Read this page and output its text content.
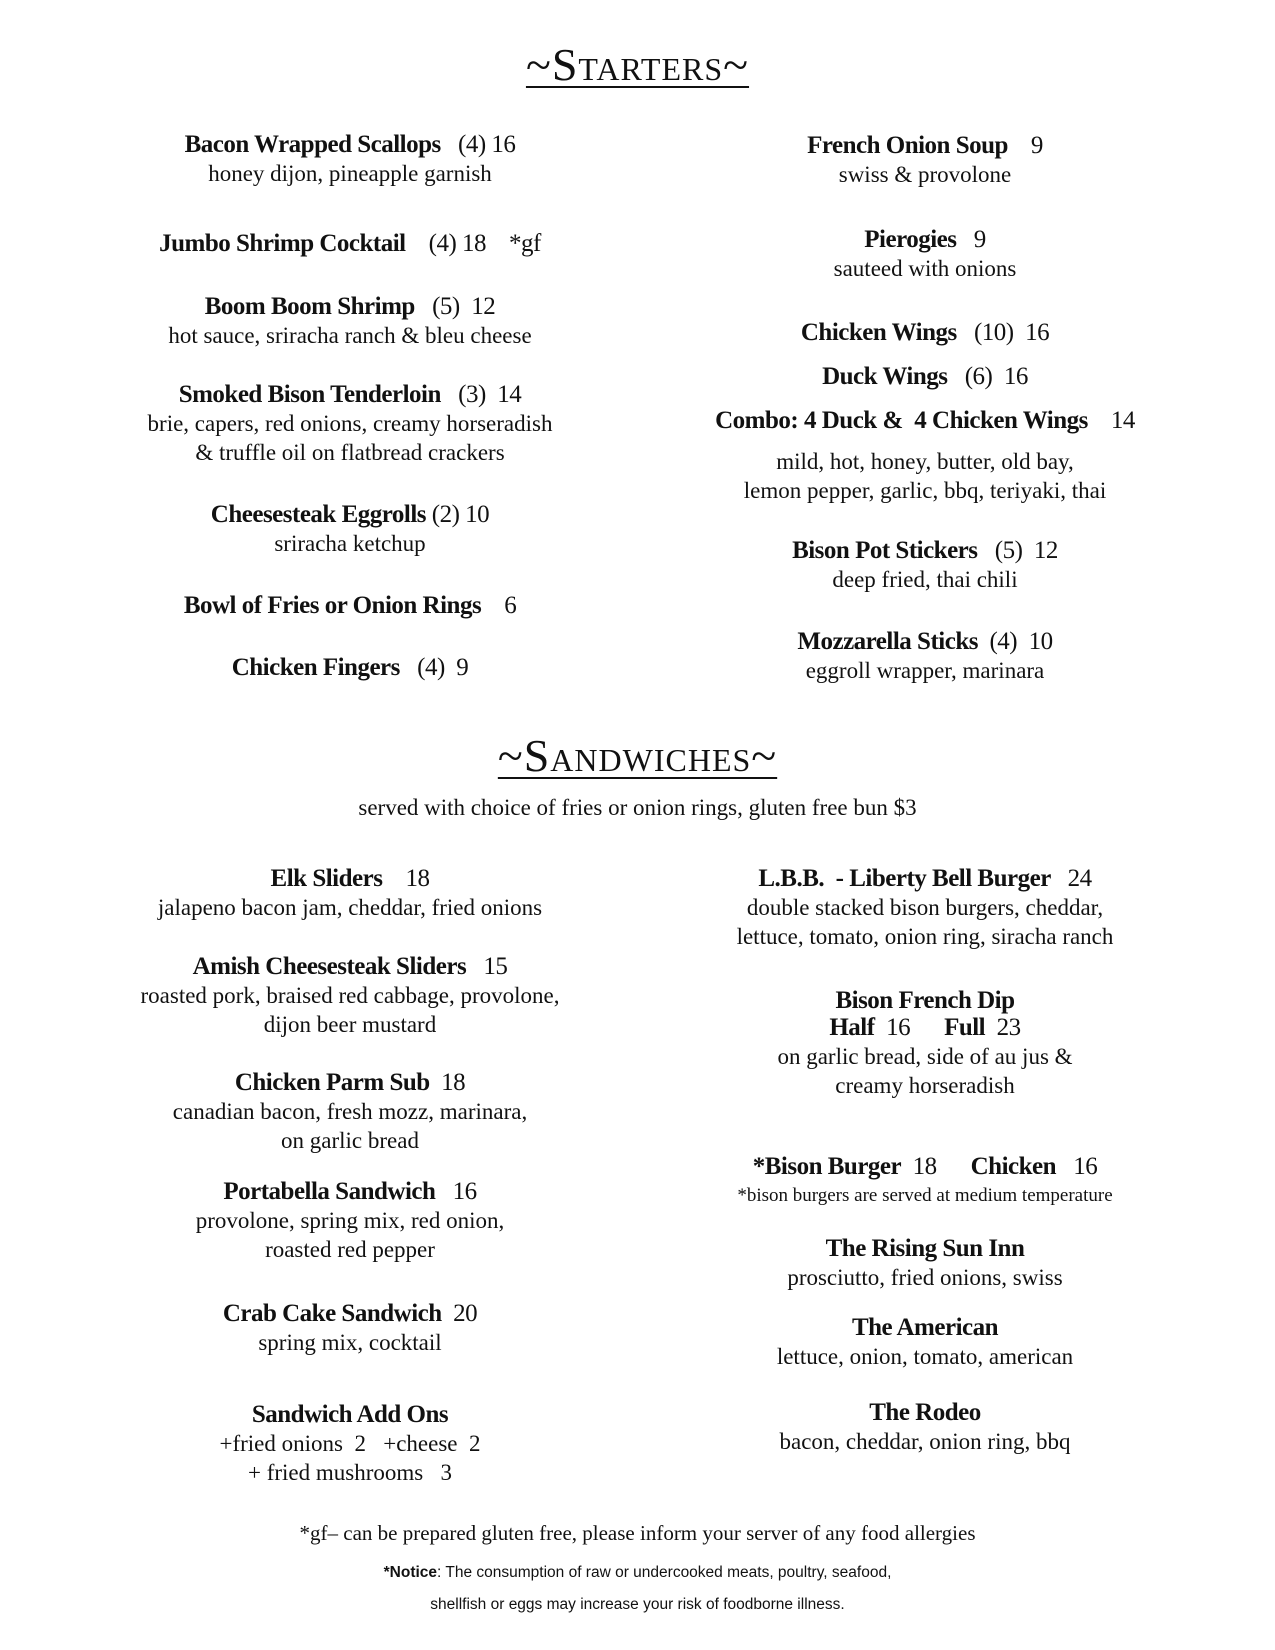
~Starters~
Bacon Wrapped Scallops (4) 16
honey dijon, pineapple garnish
Jumbo Shrimp Cocktail (4) 18    *gf
Boom Boom Shrimp (5)  12
hot sauce, sriracha ranch & bleu cheese
Smoked Bison Tenderloin (3)  14
brie, capers, red onions, creamy horseradish
& truffle oil on flatbread crackers
Cheesesteak Eggrolls (2) 10
sriracha ketchup
Bowl of Fries or Onion Rings 6
Chicken Fingers (4)  9
French Onion Soup 9
swiss & provolone
Pierogies 9
sauteed with onions
Chicken Wings (10)  16
Duck Wings (6)  16
Combo: 4 Duck &  4 Chicken Wings 14
mild, hot, honey, butter, old bay,
lemon pepper, garlic, bbq, teriyaki, thai
Bison Pot Stickers (5)  12
deep fried, thai chili
Mozzarella Sticks (4)  10
eggroll wrapper, marinara
~Sandwiches~
served with choice of fries or onion rings, gluten free bun $3
Elk Sliders 18
jalapeno bacon jam, cheddar, fried onions
Amish Cheesesteak Sliders 15
roasted pork, braised red cabbage, provolone,
dijon beer mustard
Chicken Parm Sub 18
canadian bacon, fresh mozz, marinara,
on garlic bread
Portabella Sandwich 16
provolone, spring mix, red onion,
roasted red pepper
Crab Cake Sandwich 20
spring mix, cocktail
Sandwich Add Ons
+fried onions  2   +cheese  2
+ fried mushrooms   3
L.B.B.  - Liberty Bell Burger 24
double stacked bison burgers, cheddar,
lettuce, tomato, onion ring, siracha ranch
Bison French Dip
Half 16 Full 23
on garlic bread, side of au jus &
creamy horseradish
*Bison Burger 18 Chicken 16
*bison burgers are served at medium temperature
The Rising Sun Inn
prosciutto, fried onions, swiss
The American
lettuce, onion, tomato, american
The Rodeo
bacon, cheddar, onion ring, bbq
*gf– can be prepared gluten free, please inform your server of any food allergies
*Notice: The consumption of raw or undercooked meats, poultry, seafood,
shellfish or eggs may increase your risk of foodborne illness.
